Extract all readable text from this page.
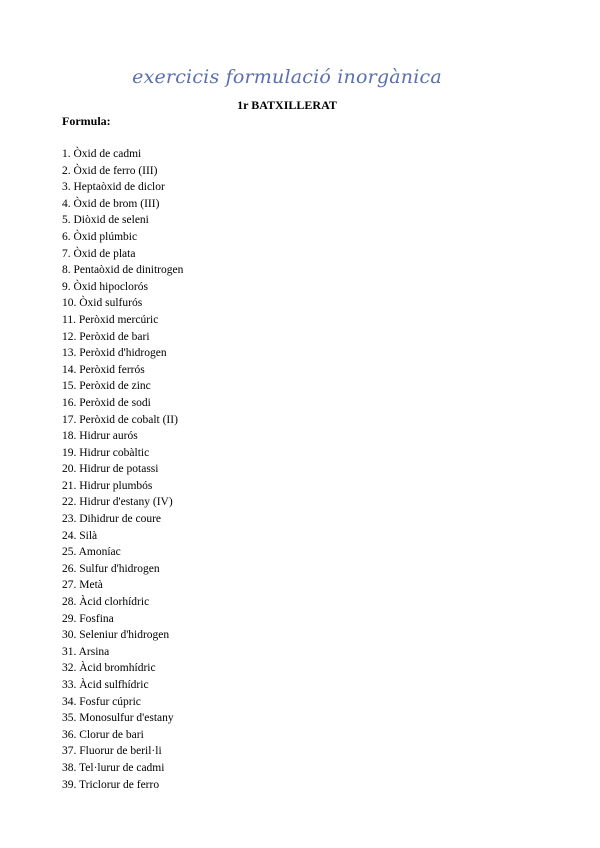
exercicis formulació inorgànica
1r BATXILLERAT
Formula:
1. Òxid de cadmi
2. Òxid de ferro (III)
3. Heptaòxid de diclor
4. Òxid de brom (III)
5. Diòxid de seleni
6. Òxid plúmbic
7. Òxid de plata
8. Pentaòxid de dinitrogen
9. Òxid hipoclorós
10. Òxid sulfurós
11. Peròxid mercúric
12. Peròxid de bari
13. Peròxid d'hidrogen
14. Peròxid ferrós
15. Peròxid de zinc
16. Peròxid de sodi
17. Peròxid de cobalt (II)
18. Hidrur aurós
19. Hidrur cobàltic
20. Hidrur de potassi
21. Hidrur plumbós
22. Hidrur d'estany (IV)
23. Dihidrur de coure
24. Silà
25. Amoníac
26. Sulfur d'hidrogen
27. Metà
28. Àcid clorhídric
29. Fosfina
30. Seleniur d'hidrogen
31. Arsina
32. Àcid bromhídric
33. Àcid sulfhídric
34. Fosfur cúpric
35. Monosulfur d'estany
36. Clorur de bari
37. Fluorur de beril·li
38. Tel·lurur de cadmi
39. Triclorur de ferro
